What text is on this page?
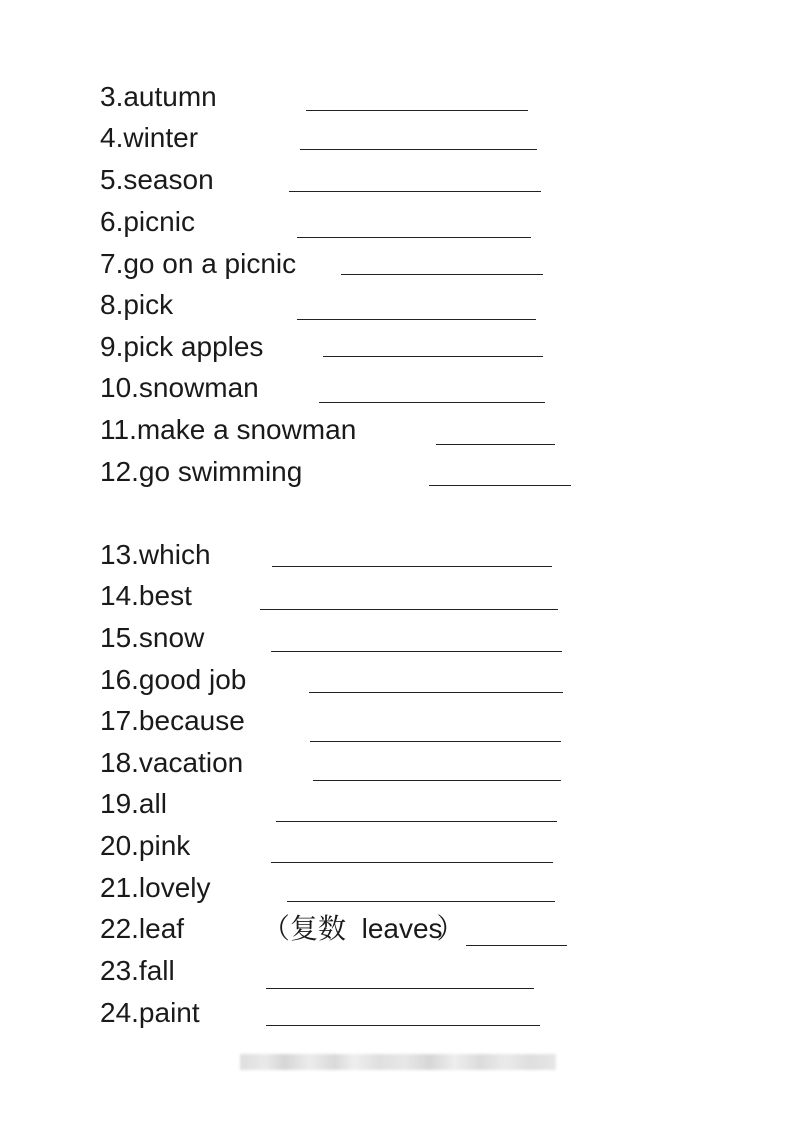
3.autumn
4.winter
5.season
6.picnic
7.go on a picnic
8.pick
9.pick apples
10.snowman
11.make a snowman
12.go swimming
13.which
14.best
15.snow
16.good job
17.because
18.vacation
19.all
20.pink
21.lovely
22.leaf	（复数 leaves）
23.fall
24.paint
